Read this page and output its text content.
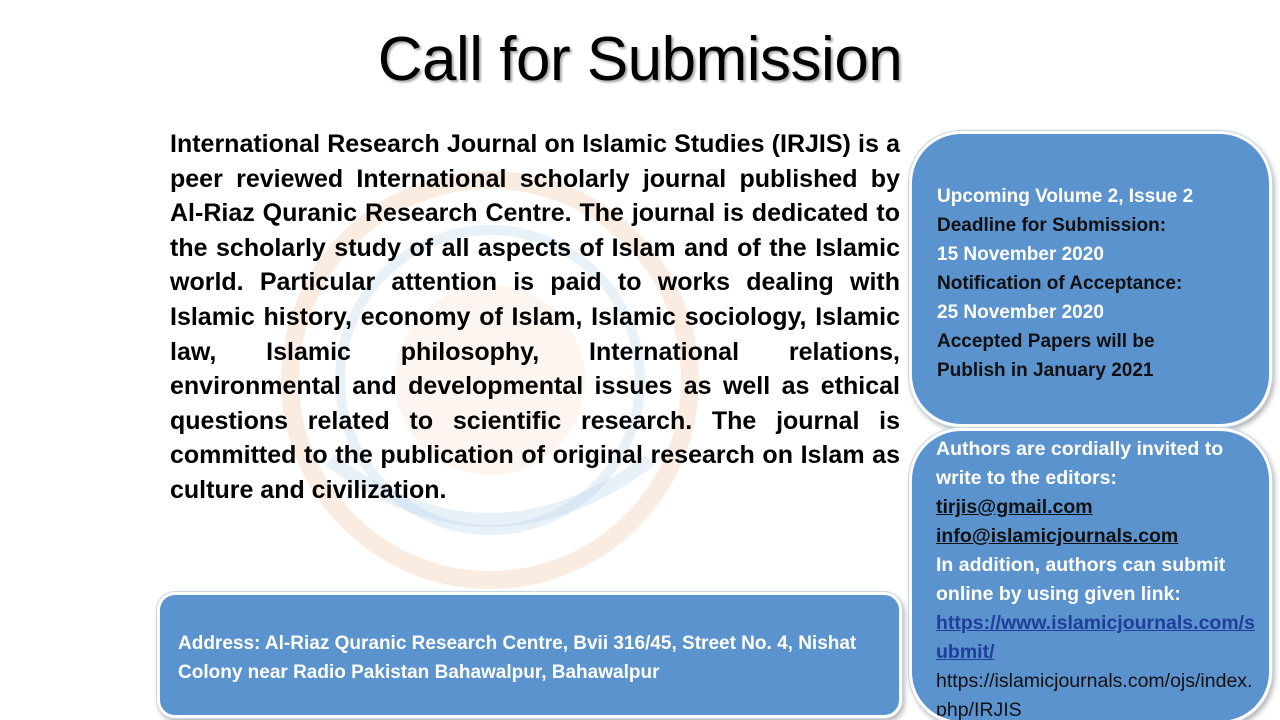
Call for Submission

International Research Journal on Islamic Studies (IRJIS) is a peer reviewed International scholarly journal published by Al-Riaz Quranic Research Centre. The journal is dedicated to the scholarly study of all aspects of Islam and of the Islamic world. Particular attention is paid to works dealing with Islamic history, economy of Islam, Islamic sociology, Islamic law, Islamic philosophy, International relations, environmental and developmental issues as well as ethical questions related to scientific research. The journal is committed to the publication of original research on Islam as culture and civilization.

Upcoming Volume 2, Issue 2
Deadline for Submission:
15 November 2020
Notification of Acceptance:
25 November 2020
Accepted Papers will be
Publish in January 2021
Authors are cordially invited to
write to the editors:
tirjis@gmail.com
info@islamicjournals.com
In addition, authors can submit
online by using given link:
https://www.islamicjournals.com/submit/
https://islamicjournals.com/ojs/index.php/IRJIS
Address: Al-Riaz Quranic Research Centre, Bvii 316/45, Street No. 4, Nishat Colony near Radio Pakistan Bahawalpur, Bahawalpur
